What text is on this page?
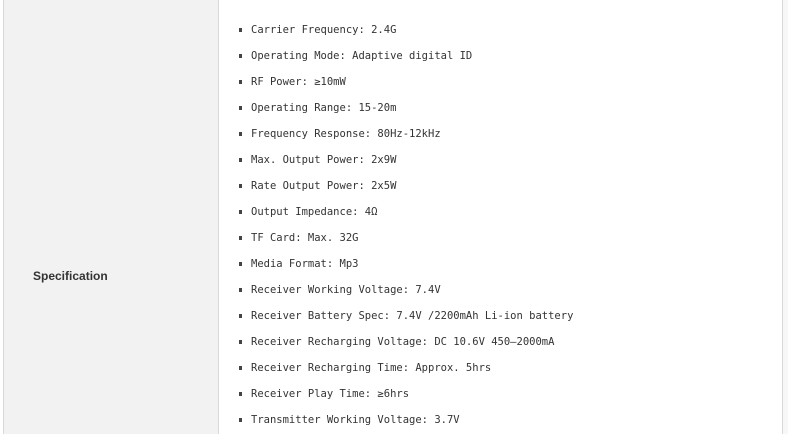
Specification
Carrier Frequency: 2.4G
Operating Mode: Adaptive digital ID
RF Power: ≥10mW
Operating Range: 15-20m
Frequency Response: 80Hz-12kHz
Max. Output Power: 2x9W
Rate Output Power: 2x5W
Output Impedance: 4Ω
TF Card: Max. 32G
Media Format: Mp3
Receiver Working Voltage: 7.4V
Receiver Battery Spec: 7.4V /2200mAh Li-ion battery
Receiver Recharging Voltage: DC 10.6V 450—2000mA
Receiver Recharging Time: Approx. 5hrs
Receiver Play Time: ≥6hrs
Transmitter Working Voltage: 3.7V
